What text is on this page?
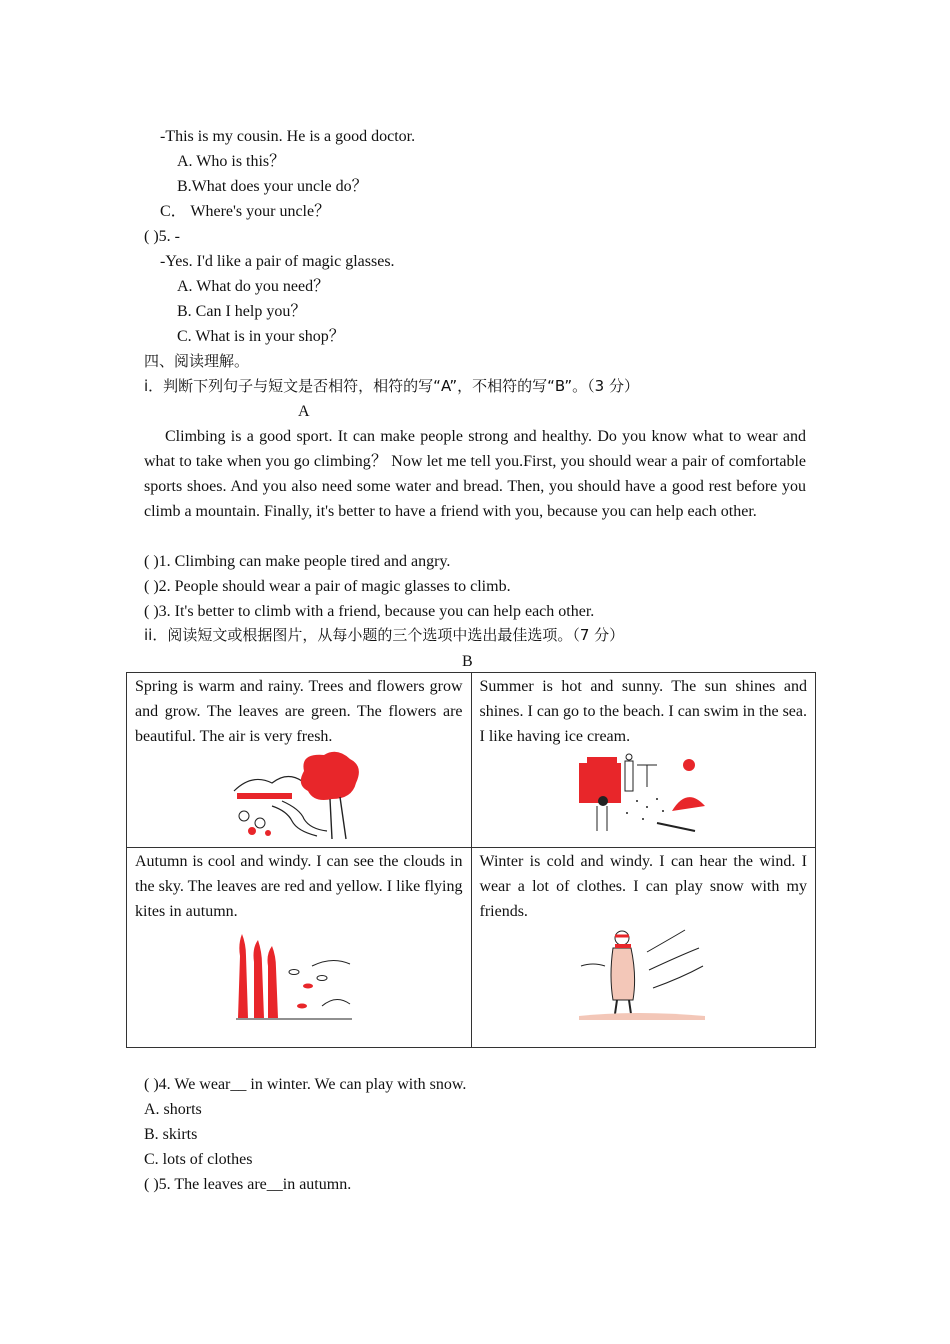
-This is my cousin. He is a good doctor.
A. Who is this？
B.What does your uncle do？
C． Where's your uncle？
( )5. -
-Yes. I'd like a pair of magic glasses.
A. What do you need？
B. Can I help you？
C. What is in your shop？
四、阅读理解。
i．判断下列句子与短文是否相符，相符的写“A”，不相符的写“B”。（3 分）
A
Climbing is a good sport. It can make people strong and healthy. Do you know what to wear and what to take when you go climbing？ Now let me tell you.First, you should wear a pair of comfortable sports shoes. And you also need some water and bread. Then, you should have a good rest before you climb a mountain. Finally, it's better to have a friend with you, because you can help each other.
( )1. Climbing can make people tired and angry.
( )2. People should wear a pair of magic glasses to climb.
( )3. It's better to climb with a friend, because you can help each other.
ii．阅读短文或根据图片，从每小题的三个选项中选出最佳选项。（7 分）
B
Spring is warm and rainy. Trees and flowers grow and grow. The leaves are green. The flowers are beautiful. The air is very fresh.	Summer is hot and sunny. The sun shines and shines. I can go to the beach. I can swim in the sea. I like having ice cream.

Autumn is cool and windy. I can see the clouds in the sky. The leaves are red and yellow. I like flying kites in autumn.	Winter is cold and windy. I can hear the wind. I wear a lot of clothes. I can play snow with my friends.
( )4. We wear__ in winter. We can play with snow.
A. shorts
B. skirts
C. lots of clothes
( )5. The leaves are__in autumn.
